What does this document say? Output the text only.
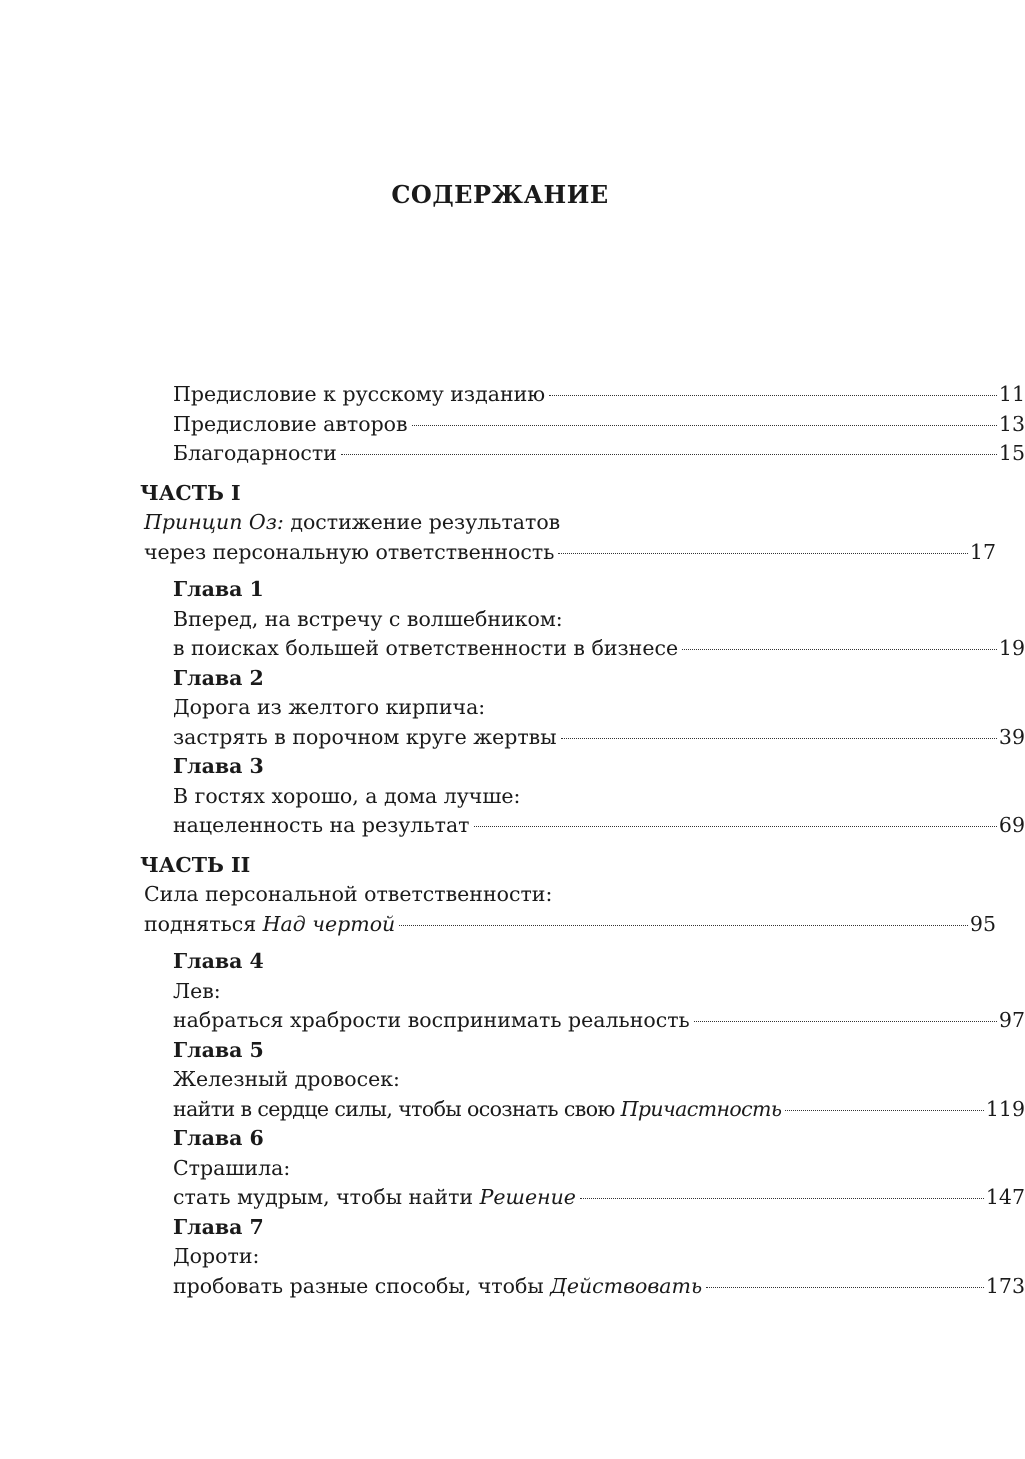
СОДЕРЖАНИЕ
Предисловие к русскому изданию	11
Предисловие авторов	13
Благодарности	15
ЧАСТЬ I
Принцип Оз: достижение результатов
через персональную ответственность	17
Глава 1
Вперед, на встречу с волшебником:
в поисках большей ответственности в бизнесе	19
Глава 2
Дорога из желтого кирпича:
застрять в порочном круге жертвы	39
Глава 3
В гостях хорошо, а дома лучше:
нацеленность на результат	69
ЧАСТЬ II
Сила персональной ответственности:
подняться Над чертой	95
Глава 4
Лев:
набраться храбрости воспринимать реальность	97
Глава 5
Железный дровосек:
найти в сердце силы, чтобы осознать свою Причастность	119
Глава 6
Страшила:
стать мудрым, чтобы найти Решение	147
Глава 7
Дороти:
пробовать разные способы, чтобы Действовать	173
